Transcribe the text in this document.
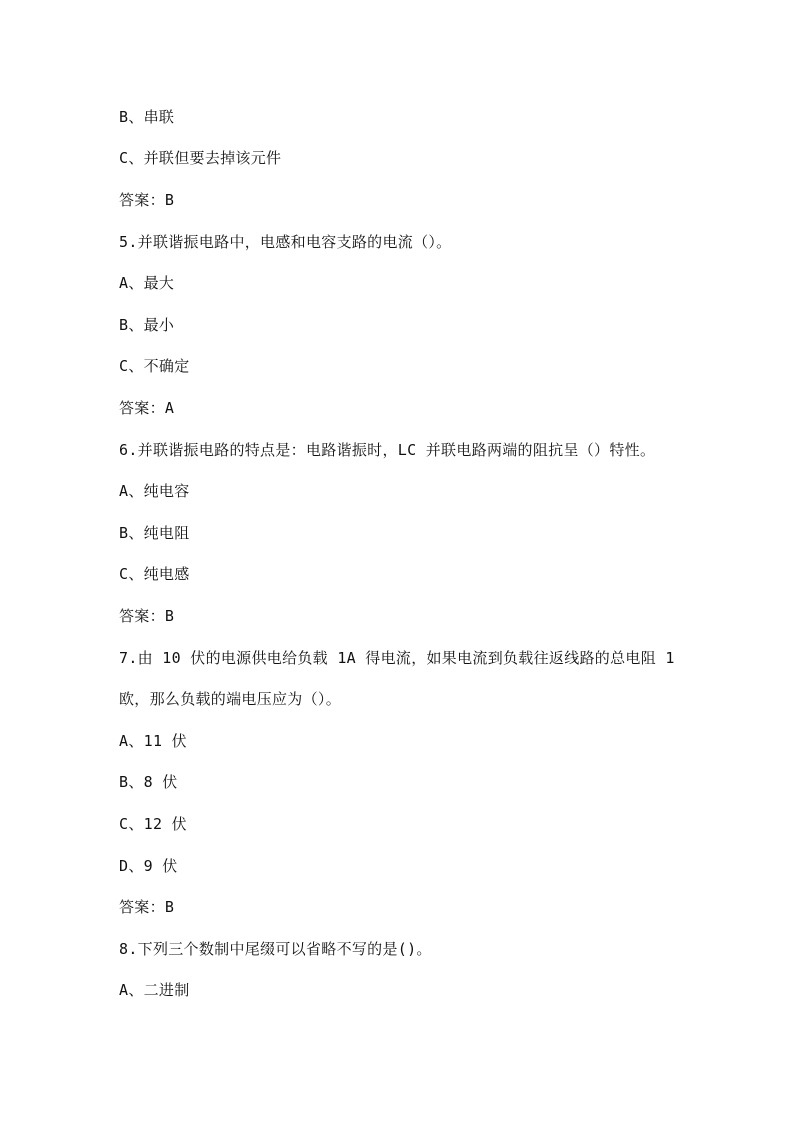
B、串联
C、并联但要去掉该元件
答案：B
5.并联谐振电路中，电感和电容支路的电流（）。
A、最大
B、最小
C、不确定
答案：A
6.并联谐振电路的特点是：电路谐振时，LC 并联电路两端的阻抗呈（）特性。
A、纯电容
B、纯电阻
C、纯电感
答案：B
7.由 10 伏的电源供电给负载 1A 得电流，如果电流到负载往返线路的总电阻 1
欧，那么负载的端电压应为（）。
A、11 伏
B、8 伏
C、12 伏
D、9 伏
答案：B
8.下列三个数制中尾缀可以省略不写的是()。
A、二进制
